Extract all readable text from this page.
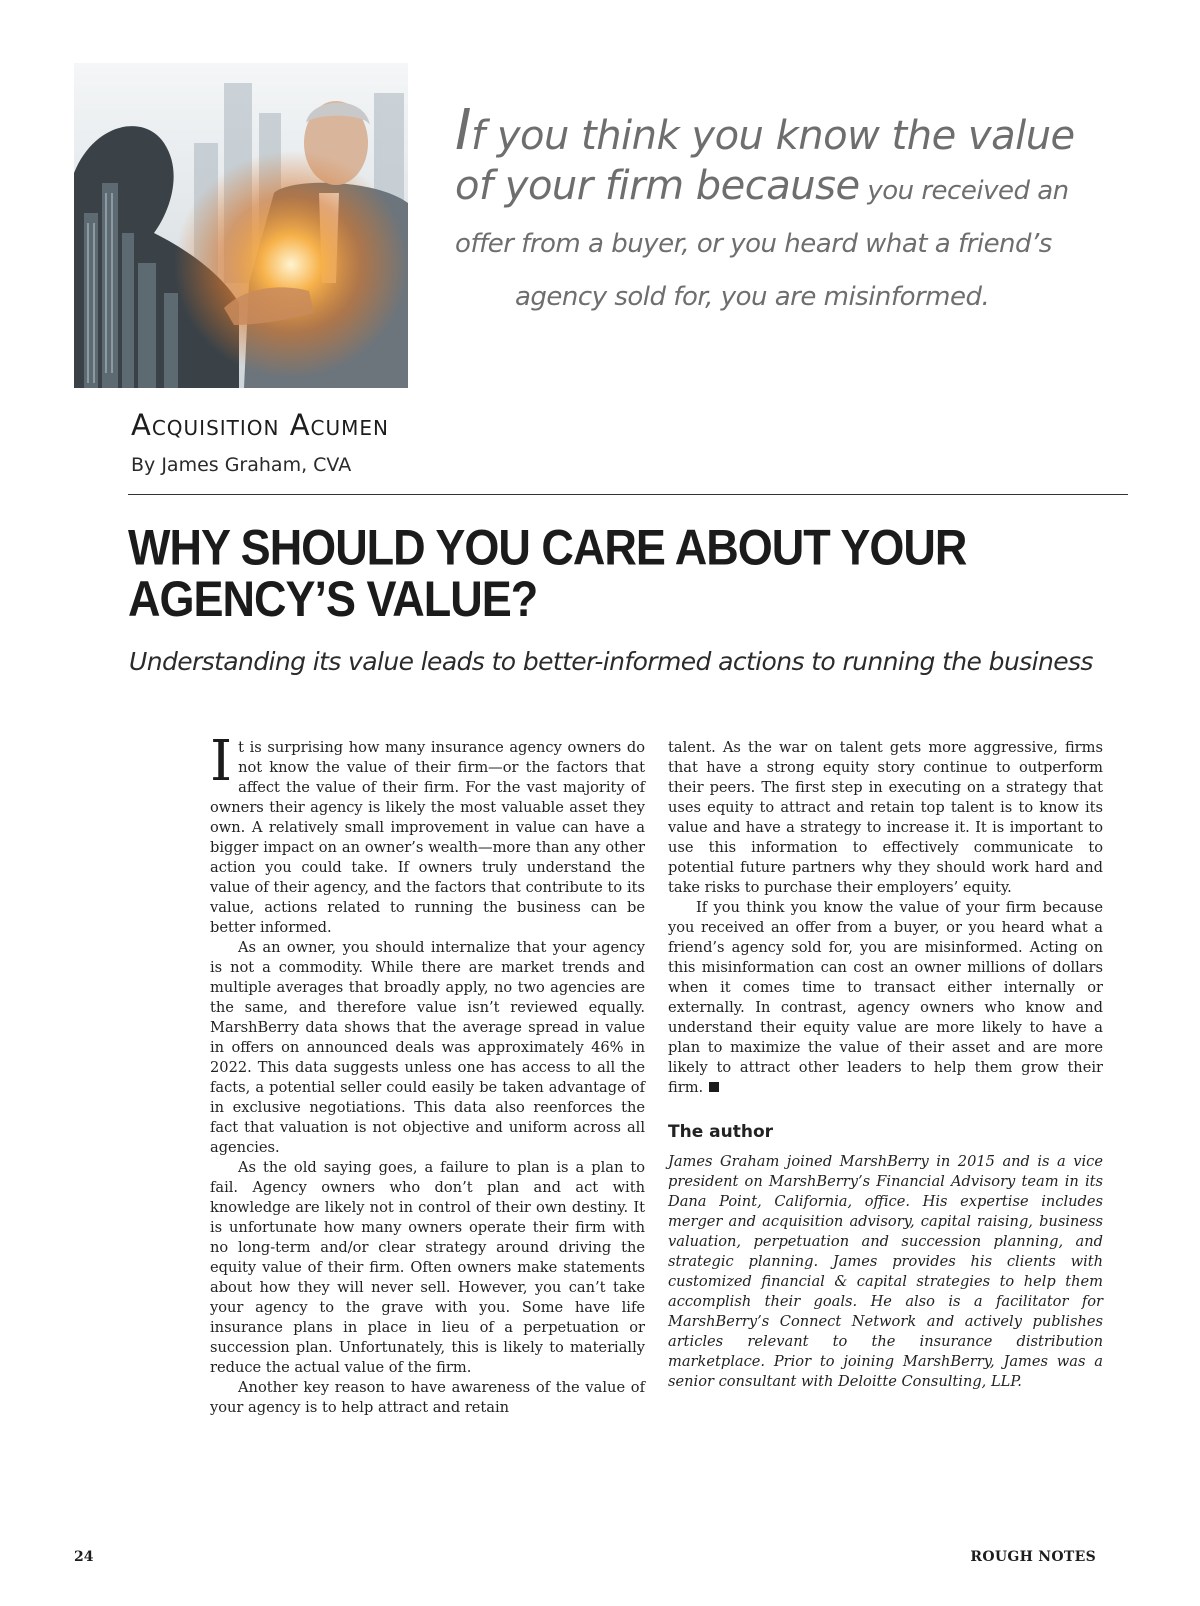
If you think you know the value
of your firm because you received an
offer from a buyer, or you heard what a friend’s
agency sold for, you are misinformed.
Acquisition Acumen
By James Graham, CVA
WHY SHOULD YOU CARE ABOUT YOUR
AGENCY’S VALUE?
Understanding its value leads to better-informed actions to running the business

It is surprising how many insurance agency owners do not know the value of their firm—or the factors that affect the value of their firm. For the vast majority of owners their agency is likely the most valuable asset they own. A relatively small improvement in value can have a bigger impact on an owner’s wealth—more than any other action you could take. If owners truly understand the value of their agency, and the factors that contribute to its value, actions related to running the business can be better informed.

As an owner, you should internalize that your agency is not a commodity. While there are market trends and multiple averages that broadly apply, no two agencies are the same, and therefore value isn’t reviewed equally. MarshBerry data shows that the average spread in value in offers on announced deals was approximately 46% in 2022. This data suggests unless one has access to all the facts, a potential seller could easily be taken advantage of in exclusive negotiations. This data also reenforces the fact that valuation is not objective and uniform across all agencies.

As the old saying goes, a failure to plan is a plan to fail. Agency owners who don’t plan and act with knowledge are likely not in control of their own destiny. It is unfortunate how many owners operate their firm with no long-term and/or clear strategy around driving the equity value of their firm. Often owners make statements about how they will never sell. However, you can’t take your agency to the grave with you. Some have life insurance plans in place in lieu of a perpetuation or succession plan. Unfortunately, this is likely to materially reduce the actual value of the firm.

Another key reason to have awareness of the value of your agency is to help attract and retain

talent. As the war on talent gets more aggressive, firms that have a strong equity story continue to outperform their peers. The first step in executing on a strategy that uses equity to attract and retain top talent is to know its value and have a strategy to increase it. It is important to use this information to effectively communicate to potential future partners why they should work hard and take risks to purchase their employers’ equity.

If you think you know the value of your firm because you received an offer from a buyer, or you heard what a friend’s agency sold for, you are misinformed. Acting on this misinformation can cost an owner millions of dollars when it comes time to transact either internally or externally. In contrast, agency owners who know and understand their equity value are more likely to have a plan to maximize the value of their asset and are more likely to attract other leaders to help them grow their firm.

The author

James Graham joined MarshBerry in 2015 and is a vice president on MarshBerry’s Financial Advisory team in its Dana Point, California, office. His expertise includes merger and acquisition advisory, capital raising, business valuation, perpetuation and succession planning, and strategic planning. James provides his clients with customized financial & capital strategies to help them accomplish their goals. He also is a facilitator for MarshBerry’s Connect Network and actively publishes articles relevant to the insurance distribution marketplace. Prior to joining MarshBerry, James was a senior consultant with Deloitte Consulting, LLP.

24	ROUGH NOTES
